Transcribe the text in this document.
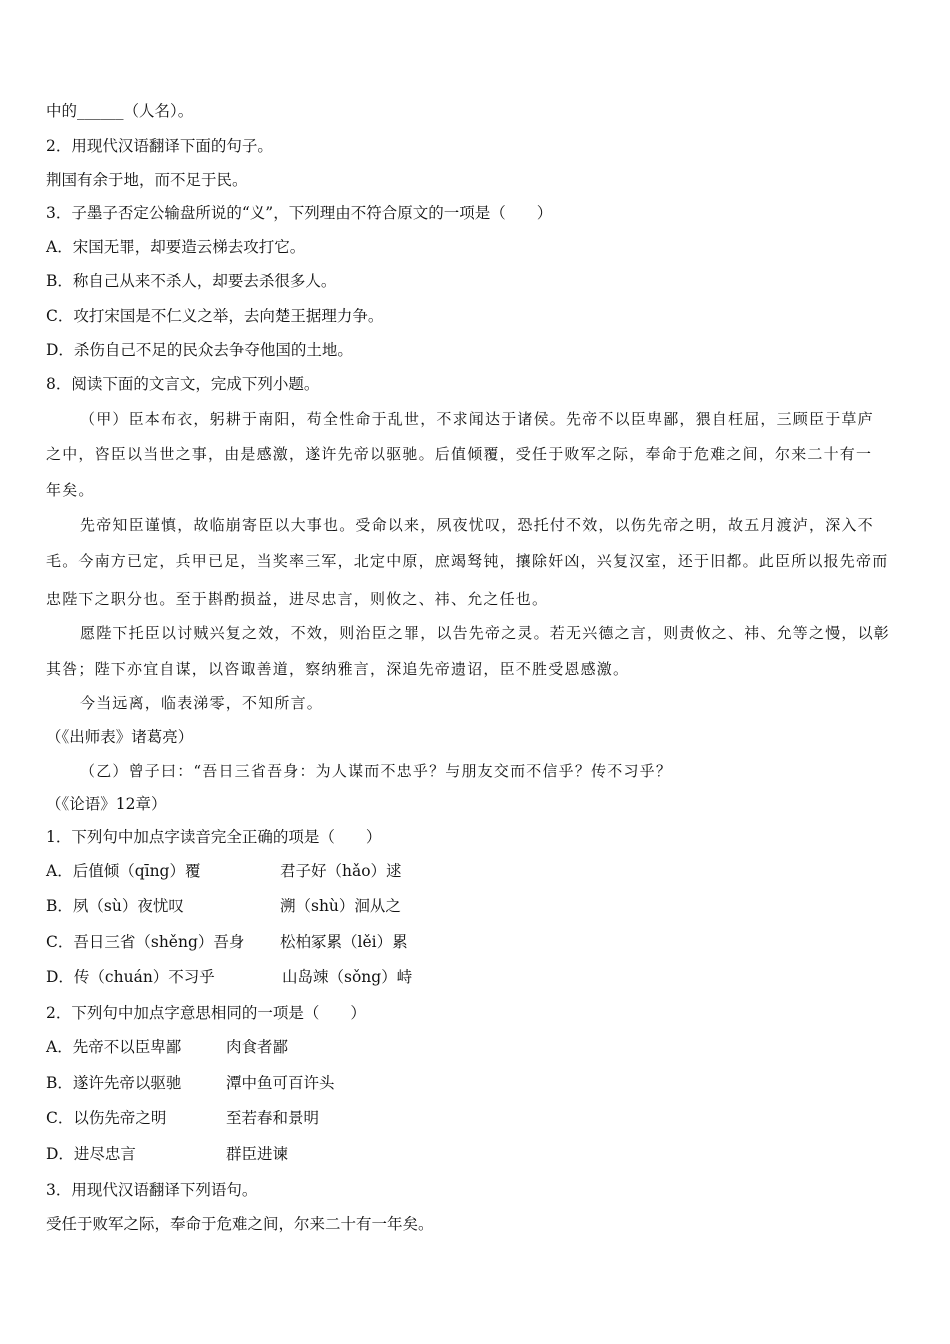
中的______（人名）。
2．用现代汉语翻译下面的句子。
荆国有余于地，而不足于民。
3．子墨子否定公输盘所说的“义”，下列理由不符合原文的一项是（　　）
A．宋国无罪，却要造云梯去攻打它。
B．称自己从来不杀人，却要去杀很多人。
C．攻打宋国是不仁义之举，去向楚王据理力争。
D．杀伤自己不足的民众去争夺他国的土地。
8．阅读下面的文言文，完成下列小题。
（甲）臣本布衣，躬耕于南阳，苟全性命于乱世，不求闻达于诸侯。先帝不以臣卑鄙，猥自枉屈，三顾臣于草庐
之中，咨臣以当世之事，由是感激，遂许先帝以驱驰。后值倾覆，受任于败军之际，奉命于危难之间，尔来二十有一
年矣。
先帝知臣谨慎，故临崩寄臣以大事也。受命以来，夙夜忧叹，恐托付不效，以伤先帝之明，故五月渡泸，深入不
毛。今南方已定，兵甲已足，当奖率三军，北定中原，庶竭驽钝，攘除奸凶，兴复汉室，还于旧都。此臣所以报先帝而
忠陛下之职分也。至于斟酌损益，进尽忠言，则攸之、祎、允之任也。
愿陛下托臣以讨贼兴复之效，不效，则治臣之罪，以告先帝之灵。若无兴德之言，则责攸之、祎、允等之慢，以彰
其咎；陛下亦宜自谋，以咨诹善道，察纳雅言，深追先帝遗诏，臣不胜受恩感激。
今当远离，临表涕零，不知所言。
（《出师表》诸葛亮）
（乙）曾子曰：“吾日三省吾身：为人谋而不忠乎？与朋友交而不信乎？传不习乎？
（《论语》12章）
1．下列句中加点字读音完全正确的项是（　　）
A．后值倾（qīng）覆	君子好（hǎo）逑
B．夙（sù）夜忧叹	溯（shù）洄从之
C．吾日三省（shěng）吾身 松柏冢累（lěi）累
D．传（chuán）不习乎	山岛竦（sǒng）峙
2．下列句中加点字意思相同的一项是（　　）
A．先帝不以臣卑鄙	肉食者鄙
B．遂许先帝以驱驰	潭中鱼可百许头
C．以伤先帝之明	至若春和景明
D．进尽忠言	群臣进谏
3．用现代汉语翻译下列语句。
受任于败军之际，奉命于危难之间，尔来二十有一年矣。
